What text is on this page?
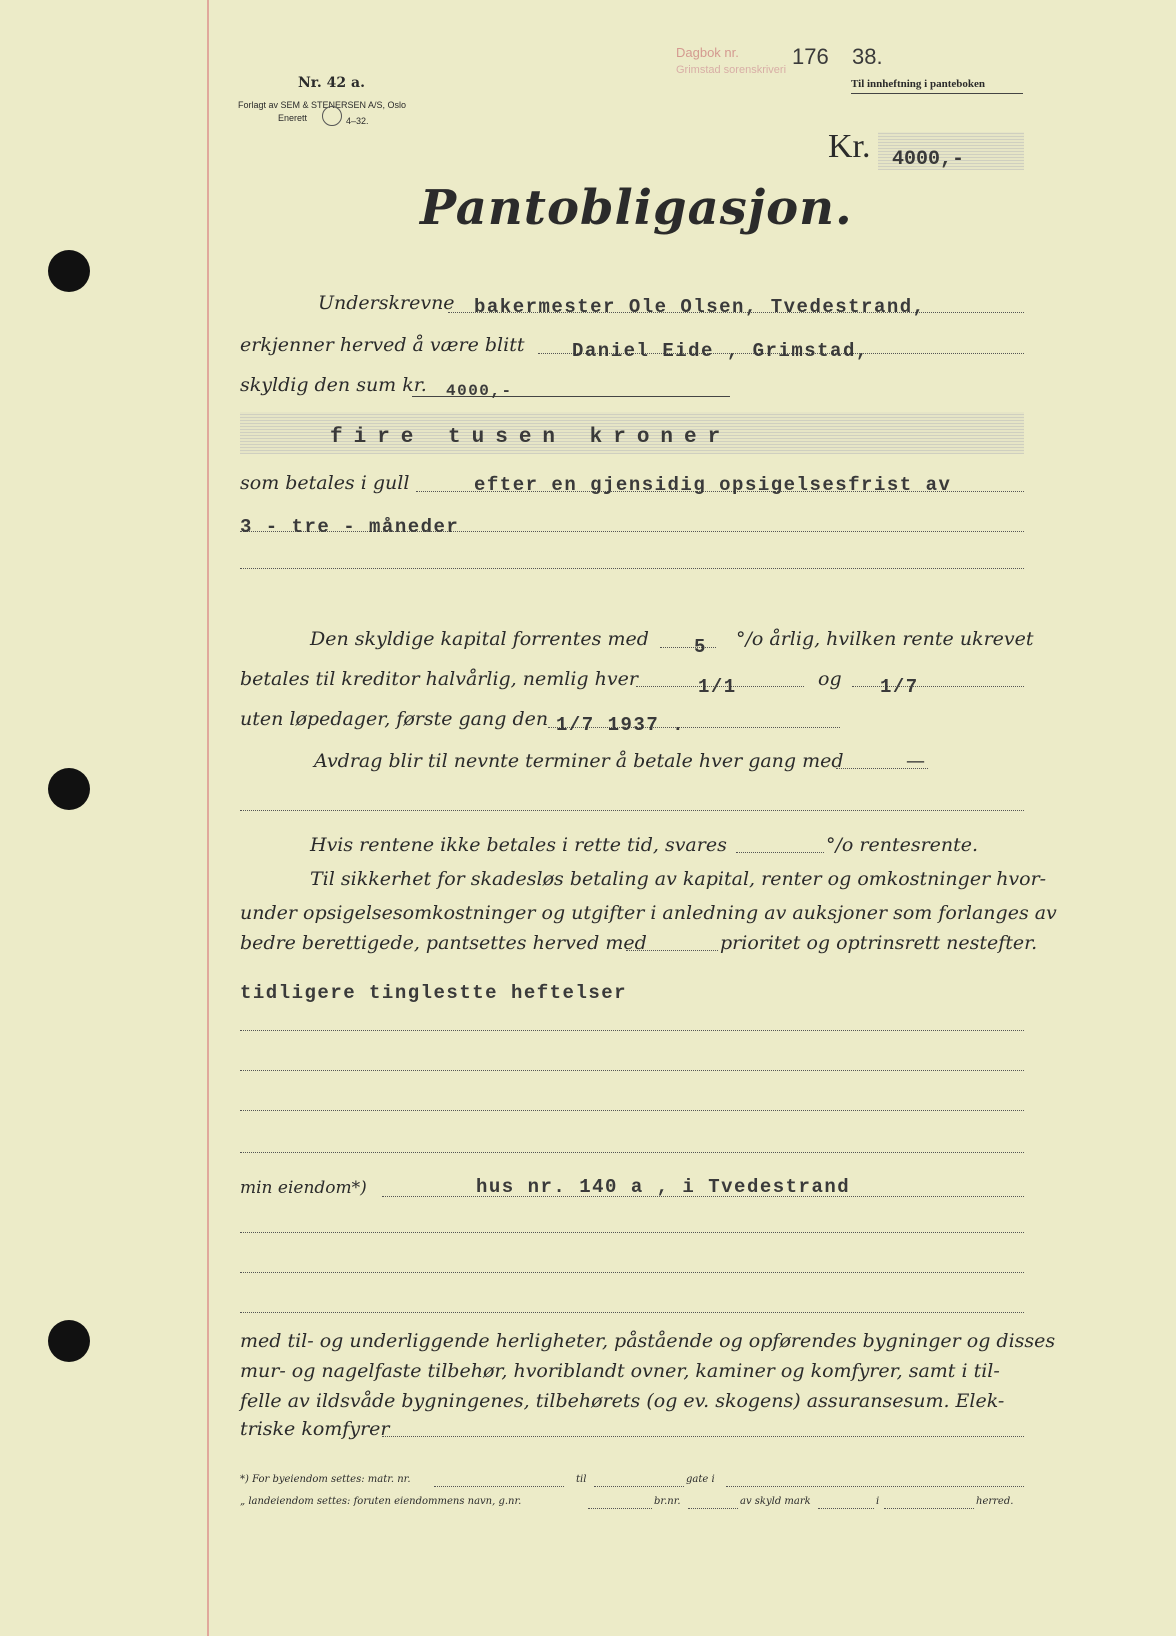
Nr. 42 a.
Forlagt av SEM & STENERSEN A/S, Oslo
Enerett	4–32.
Dagbok nr.
Grimstad sorenskriveri
176 38.
Til innheftning i panteboken
Kr. 4000,-
Pantobligasjon.
Underskrevne bakermester Ole Olsen, Tvedestrand,
erkjenner herved å være blitt	Daniel Eide , Grimstad,
skyldig den sum kr. 4000,-
fire tusen kroner
som betales i gull	efter en gjensidig opsigelsesfrist av
3 - tre - måneder
Den skyldige kapital forrentes med 5 °/o årlig, hvilken rente ukrevet
betales til kreditor halvårlig, nemlig hver	1/1	og 1/7
uten løpedager, første gang den 1/7 1937 .
Avdrag blir til nevnte terminer å betale hver gang med	—
Hvis rentene ikke betales i rette tid, svares	°/o rentesrente.
Til sikkerhet for skadesløs betaling av kapital, renter og omkostninger hvor-
under opsigelsesomkostninger og utgifter i anledning av auksjoner som forlanges av
bedre berettigede, pantsettes herved med	prioritet og optrinsrett nestefter.
tidligere tinglestte heftelser
min eiendom*)	hus nr. 140 a , i Tvedestrand
med til- og underliggende herligheter, påstående og opførendes bygninger og disses
mur- og nagelfaste tilbehør, hvoriblandt ovner, kaminer og komfyrer, samt i til-
felle av ildsvåde bygningenes, tilbehørets (og ev. skogens) assuransesum. Elek-
triske komfyrer
*) For byeiendom settes: matr. nr.	til	gate i
„ landeiendom settes: foruten eiendommens navn, g.nr.	br.nr.	av skyld mark	i	herred.
